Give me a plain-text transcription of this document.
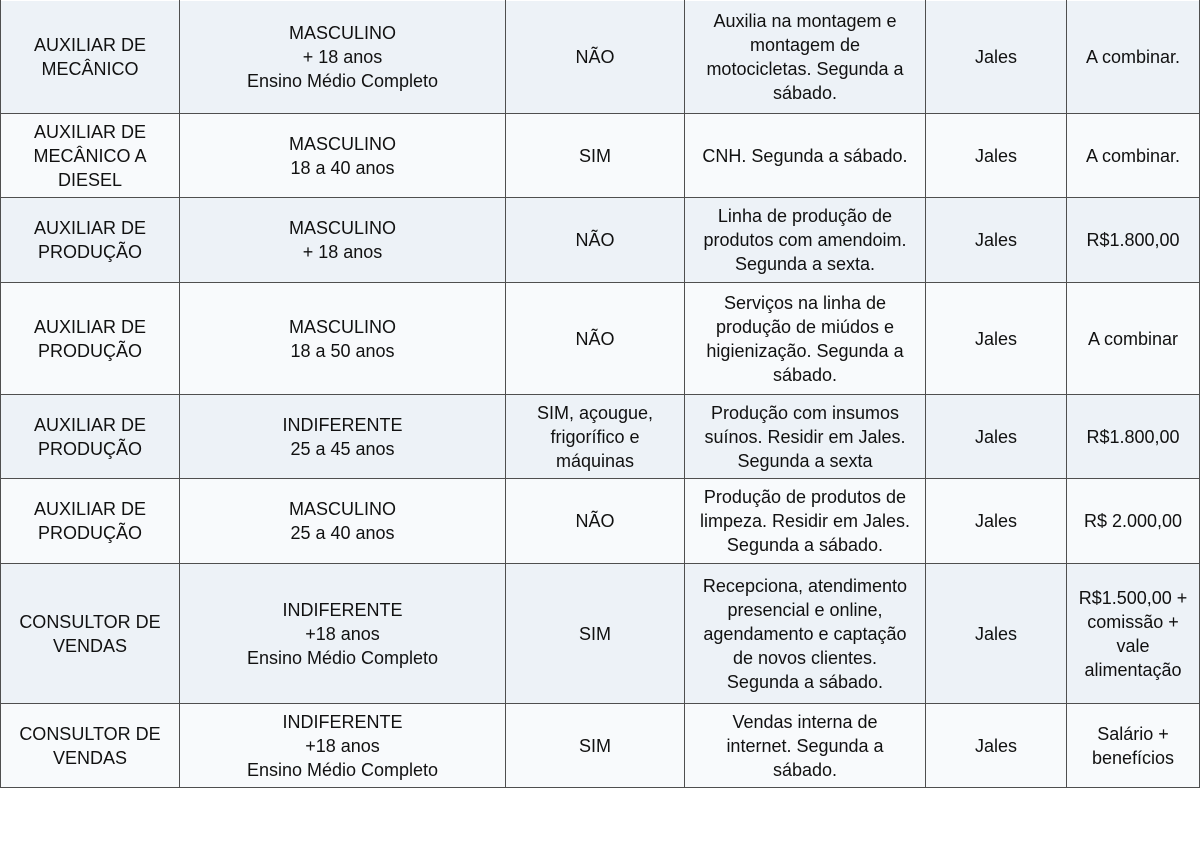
AUXILIAR DE
MECÂNICO	MASCULINO
+ 18 anos
Ensino Médio Completo	NÃO	Auxilia na montagem e
montagem de
motocicletas. Segunda a
sábado.	Jales	A combinar.
AUXILIAR DE
MECÂNICO A
DIESEL	MASCULINO
18 a 40 anos	SIM	CNH. Segunda a sábado.	Jales	A combinar.
AUXILIAR DE
PRODUÇÃO	MASCULINO
+ 18 anos	NÃO	Linha de produção de
produtos com amendoim.
Segunda a sexta.	Jales	R$1.800,00
AUXILIAR DE
PRODUÇÃO	MASCULINO
18 a 50 anos	NÃO	Serviços na linha de
produção de miúdos e
higienização. Segunda a
sábado.	Jales	A combinar
AUXILIAR DE
PRODUÇÃO	INDIFERENTE
25 a 45 anos	SIM, açougue,
frigorífico e
máquinas	Produção com insumos
suínos. Residir em Jales.
Segunda a sexta	Jales	R$1.800,00
AUXILIAR DE
PRODUÇÃO	MASCULINO
25 a 40 anos	NÃO	Produção de produtos de
limpeza. Residir em Jales.
Segunda a sábado.	Jales	R$ 2.000,00
CONSULTOR DE
VENDAS	INDIFERENTE
+18 anos
Ensino Médio Completo	SIM	Recepciona, atendimento
presencial e online,
agendamento e captação
de novos clientes.
Segunda a sábado.	Jales	R$1.500,00 +
comissão +
vale
alimentação
CONSULTOR DE
VENDAS	INDIFERENTE
+18 anos
Ensino Médio Completo	SIM	Vendas interna de
internet. Segunda a
sábado.	Jales	Salário +
benefícios
